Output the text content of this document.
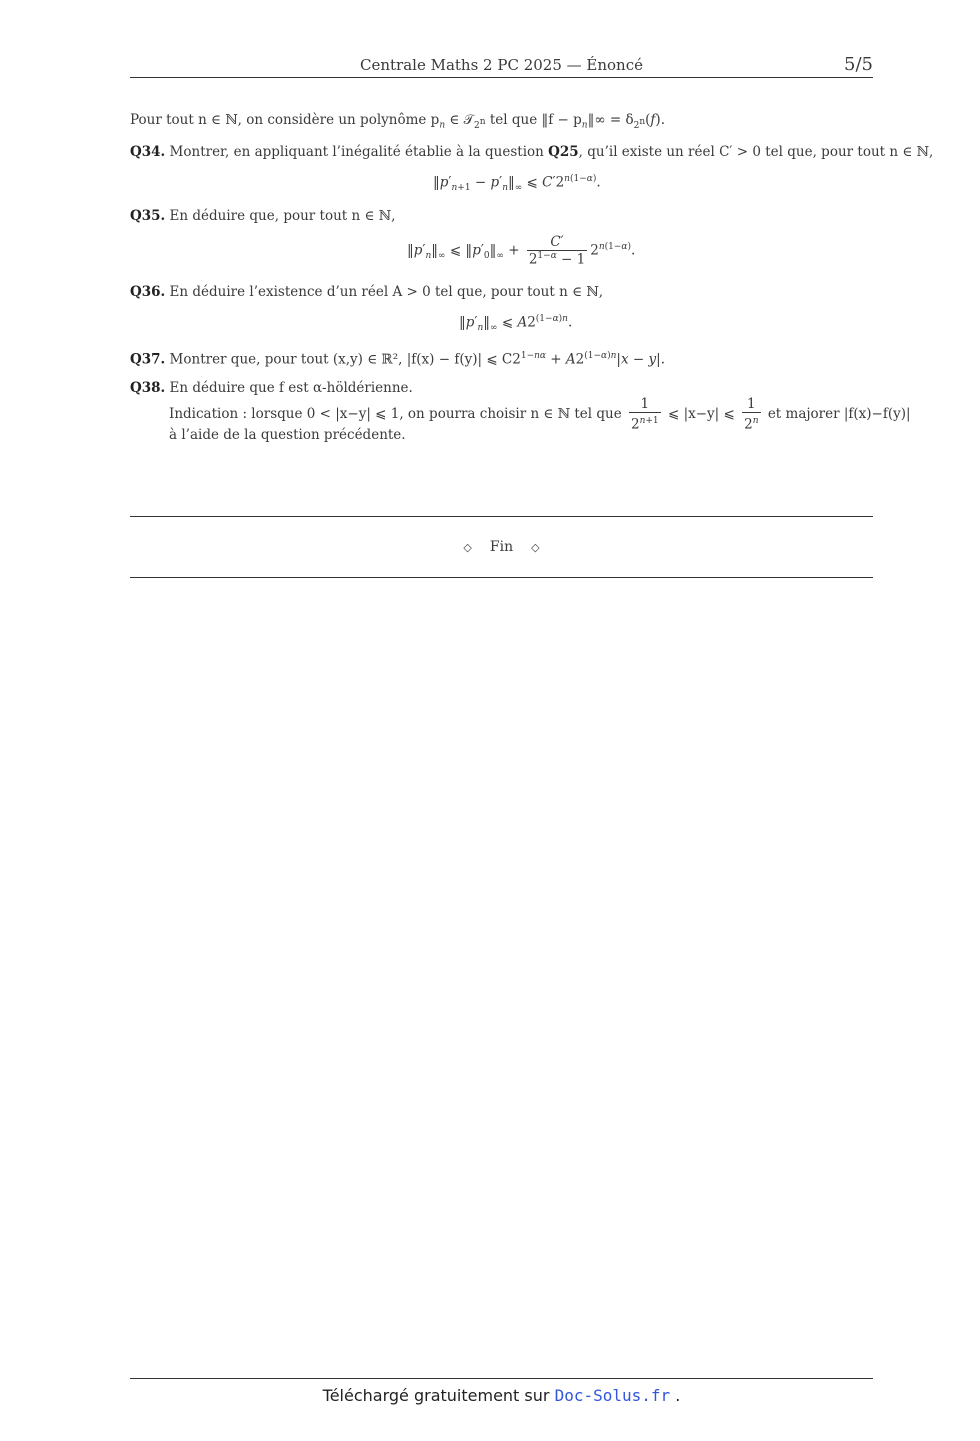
Centrale Maths 2 PC 2025 — Énoncé	5/5
Pour tout n ∈ ℕ, on considère un polynôme $p_n$ ∈ 𝒯$_{2^n}$ tel que ‖f − $p_n‖\infty = \delta_{2^n}(f)$.
Q34. Montrer, en appliquant l’inégalité établie à la question Q25, qu’il existe un réel C′ > 0 tel que, pour tout n ∈ ℕ,
$‖p'_{n+1}$ − $p'_n‖_\infty$ ⩽ $C'2^{n(1-\alpha)}$.
Q35. En déduire que, pour tout n ∈ ℕ,
$‖p'_n‖_\infty$ ⩽ $‖p'_0‖_\infty + \frac{C'}{2^{1-\alpha} - 1} 2^{n(1-\alpha)}$.
Q36. En déduire l’existence d’un réel A > 0 tel que, pour tout n ∈ ℕ,
$‖p'_n‖_\infty$ ⩽ $A2^{(1-\alpha)n}$.
Q37. Montrer que, pour tout (x,y) ∈ ℝ², |f(x) − f(y)| ⩽ $C2^{1-n\alpha} + A2^{(1-\alpha)n}|x - y|$.
Q38. En déduire que f est α-höldérienne.
Indication : lorsque 0 < |x−y| ⩽ 1, on pourra choisir n ∈ ℕ tel que $\frac{1}{2^{n+1}}$ ⩽ |x−y| ⩽ $\frac{1}{2^n}$ et majorer |f(x)−f(y)|
à l’aide de la question précédente.
◇ Fin ◇
Téléchargé gratuitement sur Doc-Solus.fr .
